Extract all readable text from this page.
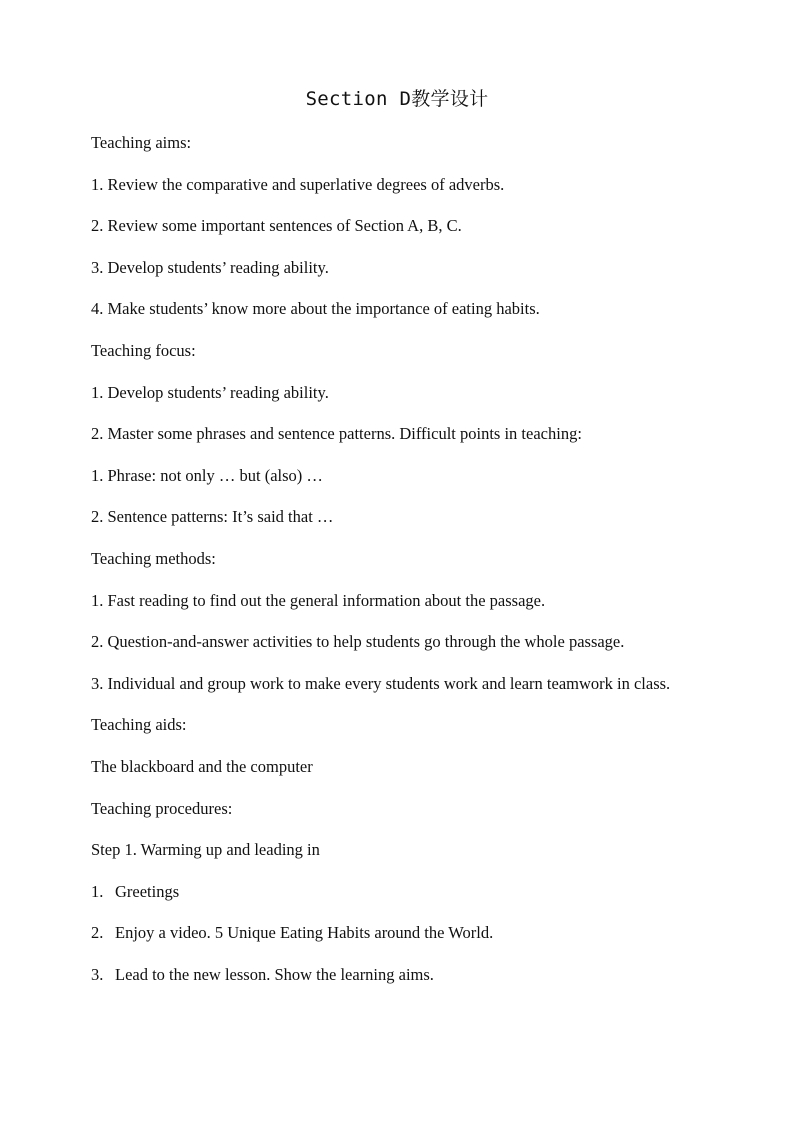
Section D教学设计
Teaching aims:
1. Review the comparative and superlative degrees of adverbs.
2. Review some important sentences of Section A, B, C.
3. Develop students’ reading ability.
4. Make students’ know more about the importance of eating habits.
Teaching focus:
1. Develop students’ reading ability.
2. Master some phrases and sentence patterns. Difficult points in teaching:
1. Phrase: not only … but (also) …
2. Sentence patterns: It’s said that …
Teaching methods:
1. Fast reading to find out the general information about the passage.
2. Question-and-answer activities to help students go through the whole passage.
3. Individual and group work to make every students work and learn teamwork in class.
Teaching aids:
The blackboard and the computer
Teaching procedures:
Step 1. Warming up and leading in
1. Greetings
2. Enjoy a video. 5 Unique Eating Habits around the World.
3. Lead to the new lesson. Show the learning aims.
